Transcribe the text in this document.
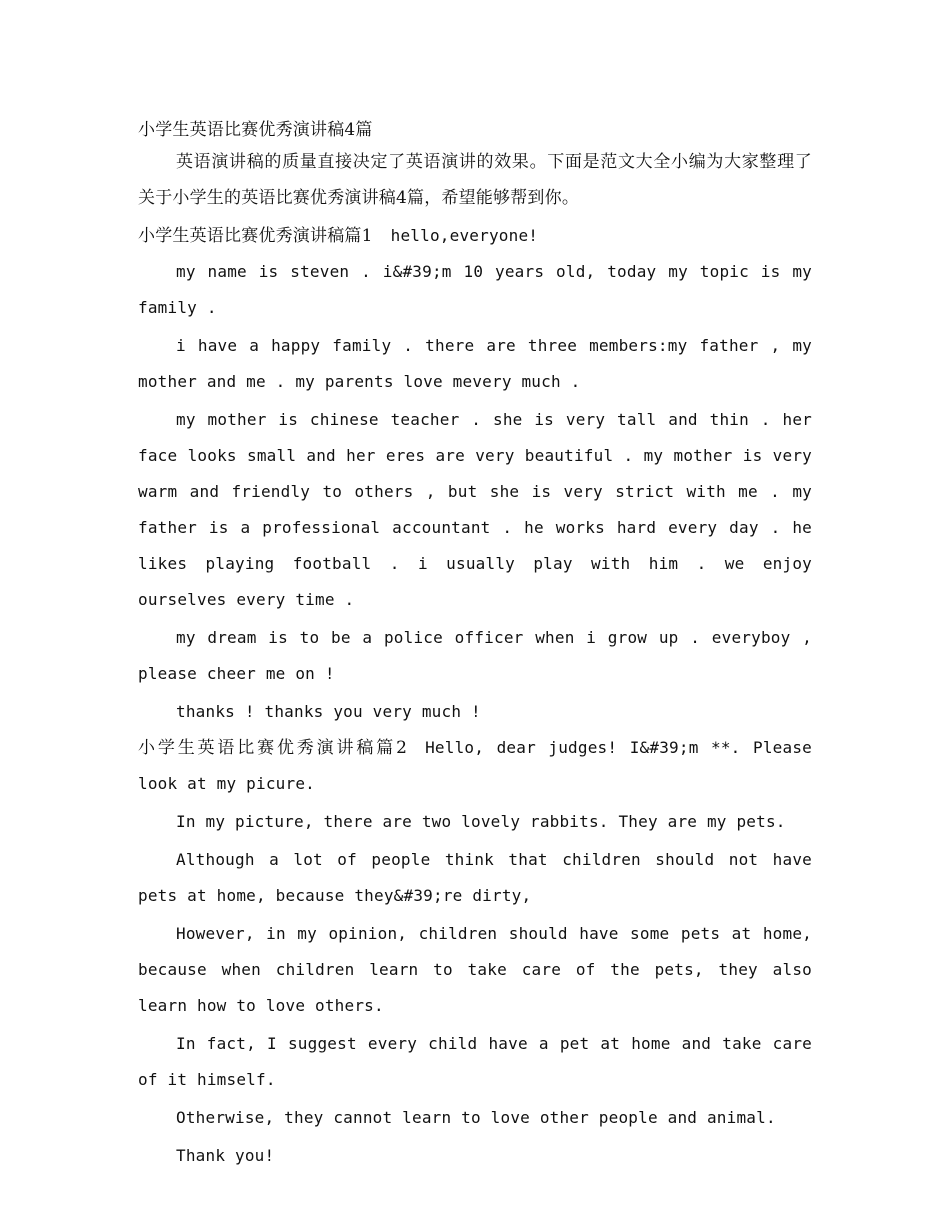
小学生英语比赛优秀演讲稿4篇

英语演讲稿的质量直接决定了英语演讲的效果。下面是范文大全小编为大家整理了关于小学生的英语比赛优秀演讲稿4篇，希望能够帮到你。

小学生英语比赛优秀演讲稿篇1 hello,everyone!

my name is steven . i&#39;m 10 years old, today my topic is my family .

i have a happy family . there are three members:my father , my mother and me . my parents love mevery much .

my mother is chinese teacher . she is very tall and thin . her face looks small and her eres are very beautiful . my mother is very warm and friendly to others , but she is very strict with me . my father is a professional accountant . he works hard every day . he likes playing football . i usually play with him . we enjoy ourselves every time .

my dream is to be a police officer when i grow up . everyboy , please cheer me on !

thanks ! thanks you very much !

小学生英语比赛优秀演讲稿篇2 Hello, dear judges! I&#39;m **. Please look at my picure.

In my picture, there are two lovely rabbits. They are my pets.

Although a lot of people think that children should not have pets at home, because they&#39;re dirty,

However, in my opinion, children should have some pets at home, because when children learn to take care of the pets, they also learn how to love others.

In fact, I suggest every child have a pet at home and take care of it himself.

Otherwise, they cannot learn to love other people and animal.

Thank you!
